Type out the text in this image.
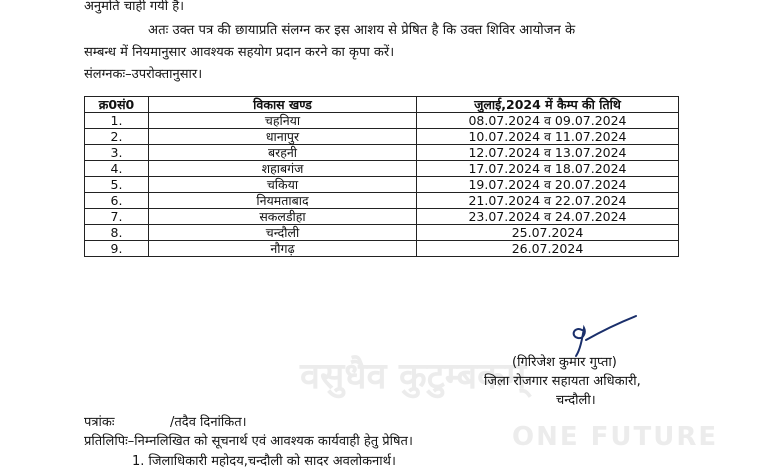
वसुधैव कुटुम्बकम्
ONE FUTURE
अनुमति चाही गयी है।
अतः उक्त पत्र की छायाप्रति संलग्न कर इस आशय से प्रेषित है कि उक्त शिविर आयोजन के
सम्बन्ध में नियमानुसार आवश्यक सहयोग प्रदान करने का कृपा करें।
संलग्नकः–उपरोक्तानुसार।
क्र0सं0	विकास खण्ड	जुलाई,2024 में कैम्प की तिथि
1.	चहनिया	08.07.2024 व 09.07.2024
2.	धानापुर	10.07.2024 व 11.07.2024
3.	बरहनी	12.07.2024 व 13.07.2024
4.	शहाबगंज	17.07.2024 व 18.07.2024
5.	चकिया	19.07.2024 व 20.07.2024
6.	नियमताबाद	21.07.2024 व 22.07.2024
7.	सकलडीहा	23.07.2024 व 24.07.2024
8.	चन्दौली	25.07.2024
9.	नौगढ़	26.07.2024
(गिरिजेश कुमार गुप्ता)
जिला रोजगार सहायता अधिकारी,
चन्दौली।
पत्रांकः	/तदैव दिनांकित।
प्रतिलिपिः–निम्नलिखित को सूचनार्थ एवं आवश्यक कार्यवाही हेतु प्रेषित।
1. जिलाधिकारी महोदय,चन्दौली को सादर अवलोकनार्थ।
